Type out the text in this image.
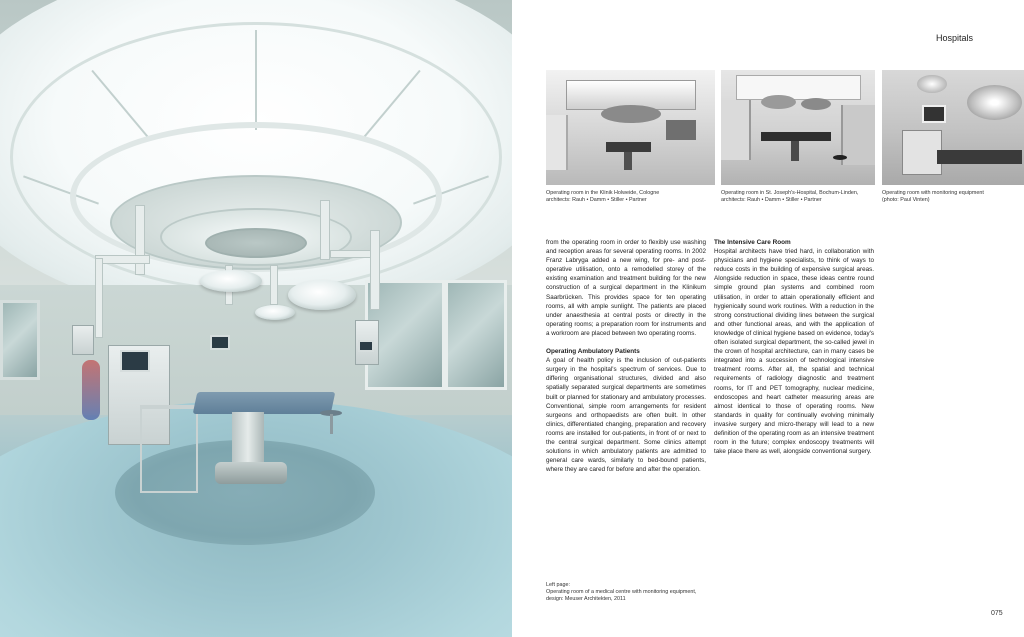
Hospitals
Operating room in the Klinik Holweide, Cologne
architects: Rauh • Damm • Stiller • Partner
Operating room in St. Joseph's-Hospital, Bochum-Linden,
architects: Rauh • Damm • Stiller • Partner
Operating room with monitoring equipment
(photo: Paul Vinten)

from the operating room in order to flexibly use washing and reception areas for several operating rooms. In 2002 Franz Labryga added a new wing, for pre- and post-operative utilisation, onto a remodelled storey of the existing examination and treatment building for the new construction of a surgical department in the Klinikum Saarbrücken. This provides space for ten operating rooms, all with ample sunlight. The patients are placed under anaesthesia at central posts or directly in the operating rooms; a preparation room for instruments and a workroom are placed between two operating rooms.

Operating Ambulatory Patients

A goal of health policy is the inclusion of out-patients surgery in the hospital's spectrum of services. Due to differing organisational structures, divided and also spatially separated surgical departments are sometimes built or planned for stationary and ambulatory processes. Conventional, simple room arrangements for resident surgeons and orthopaedists are often built. In other clinics, differentiated changing, preparation and recovery rooms are installed for out-patients, in front of or next to the central surgical department. Some clinics attempt solutions in which ambulatory patients are admitted to general care wards, similarly to bed-bound patients, where they are cared for before and after the operation.

The Intensive Care Room

Hospital architects have tried hard, in collaboration with physicians and hygiene specialists, to think of ways to reduce costs in the building of expensive surgical areas. Alongside reduction in space, these ideas centre round simple ground plan systems and combined room utilisation, in order to attain operationally efficient and hygienically sound work routines. With a reduction in the strong constructional dividing lines between the surgical and other functional areas, and with the application of knowledge of clinical hygiene based on evidence, today's often isolated surgical department, the so-called jewel in the crown of hospital architecture, can in many cases be integrated into a succession of technological intensive treatment rooms. After all, the spatial and technical requirements of radiology diagnostic and treatment rooms, for IT and PET tomography, nuclear medicine, endoscopes and heart catheter measuring areas are almost identical to those of operating rooms. New standards in quality for continually evolving minimally invasive surgery and micro-therapy will lead to a new definition of the operating room as an intensive treatment room in the future; complex endoscopy treatments will take place there as well, alongside conventional surgery.

Left page:
Operating room of a medical centre with monitoring equipment,
design: Meuser Architekten, 2011
075
